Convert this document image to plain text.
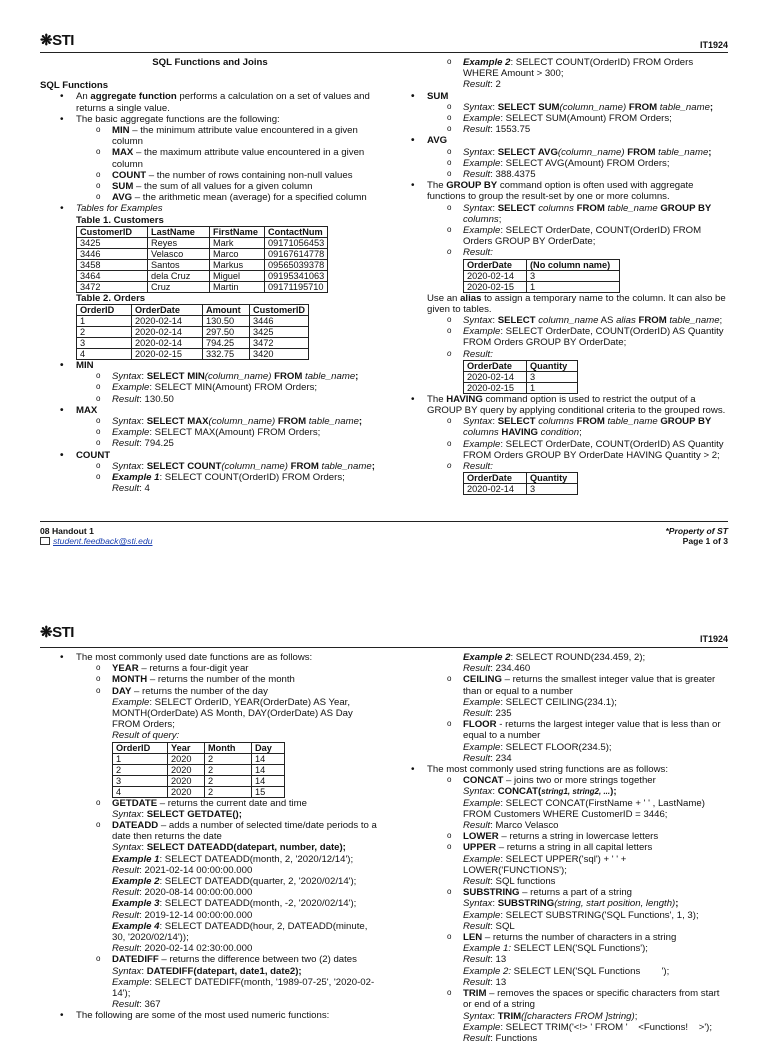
❋STI	IT1924
SQL Functions and Joins
SQL Functions
• An aggregate function performs a calculation on a set of values and returns a single value.
• The basic aggregate functions are the following:
o MIN – the minimum attribute value encountered in a given column
o MAX – the maximum attribute value encountered in a given column
o COUNT – the number of rows containing non-null values
o SUM – the sum of all values for a given column
o AVG – the arithmetic mean (average) for a specified column
• Tables for Examples
Table 1. Customers
CustomerID	LastName	FirstName	ContactNum
3425	Reyes	Mark	09171056453
3446	Velasco	Marco	09167614778
3458	Santos	Markus	09565039378
3464	dela Cruz	Miguel	09195341063
3472	Cruz	Martin	09171195710
Table 2. Orders
OrderID	OrderDate	Amount	CustomerID
1	2020-02-14	130.50	3446
2	2020-02-14	297.50	3425
3	2020-02-14	794.25	3472
4	2020-02-15	332.75	3420
• MIN
o Syntax: SELECT MIN(column_name) FROM table_name;
o Example: SELECT MIN(Amount) FROM Orders;
o Result: 130.50
• MAX
o Syntax: SELECT MAX(column_name) FROM table_name;
o Example: SELECT MAX(Amount) FROM Orders;
o Result: 794.25
• COUNT
o Syntax: SELECT COUNT(column_name) FROM table_name;
o Example 1: SELECT COUNT(OrderID) FROM Orders;
Result: 4
o Example 2: SELECT COUNT(OrderID) FROM Orders WHERE Amount > 300;
Result: 2
• SUM
o Syntax: SELECT SUM(column_name) FROM table_name;
o Example: SELECT SUM(Amount) FROM Orders;
o Result: 1553.75
• AVG
o Syntax: SELECT AVG(column_name) FROM table_name;
o Example: SELECT AVG(Amount) FROM Orders;
o Result: 388.4375
• The GROUP BY command option is often used with aggregate functions to group the result-set by one or more columns.
o Syntax: SELECT columns FROM table_name GROUP BY columns;
o Example: SELECT OrderDate, COUNT(OrderID) FROM Orders GROUP BY OrderDate;
o Result:
OrderDate	(No column name)
2020-02-14	3
2020-02-15	1
Use an alias to assign a temporary name to the column. It can also be given to tables.
o Syntax: SELECT column_name AS alias FROM table_name;
o Example: SELECT OrderDate, COUNT(OrderID) AS Quantity FROM Orders GROUP BY OrderDate;
o Result:
OrderDate	Quantity
2020-02-14	3
2020-02-15	1
• The HAVING command option is used to restrict the output of a GROUP BY query by applying conditional criteria to the grouped rows.
o Syntax: SELECT columns FROM table_name GROUP BY columns HAVING condition;
o Example: SELECT OrderDate, COUNT(OrderID) AS Quantity FROM Orders GROUP BY OrderDate HAVING Quantity > 2;
o Result:
OrderDate	Quantity
2020-02-14	3
08 Handout 1
student.feedback@sti.edu
*Property of ST
Page 1 of 3
❋STI	IT1924
• The most commonly used date functions are as follows:
o YEAR – returns a four-digit year
o MONTH – returns the number of the month
o DAY – returns the number of the day
Example: SELECT OrderID, YEAR(OrderDate) AS Year, MONTH(OrderDate) AS Month, DAY(OrderDate) AS Day FROM Orders;
Result of query:
OrderID	Year	Month	Day
1	2020	2	14
2	2020	2	14
3	2020	2	14
4	2020	2	15
o GETDATE – returns the current date and time
Syntax: SELECT GETDATE();
o DATEADD – adds a number of selected time/date periods to a date then returns the date
Syntax: SELECT DATEADD(datepart, number, date);
Example 1: SELECT DATEADD(month, 2, '2020/12/14');
Result: 2021-02-14 00:00:00.000
Example 2: SELECT DATEADD(quarter, 2, '2020/02/14');
Result: 2020-08-14 00:00:00.000
Example 3: SELECT DATEADD(month, -2, '2020/02/14');
Result: 2019-12-14 00:00:00.000
Example 4: SELECT DATEADD(hour, 2, DATEADD(minute, 30, '2020/02/14'));
Result: 2020-02-14 02:30:00.000
o DATEDIFF – returns the difference between two (2) dates
Syntax: DATEDIFF(datepart, date1, date2);
Example: SELECT DATEDIFF(month, '1989-07-25', '2020-02-14');
Result: 367
• The following are some of the most used numeric functions:
Example 2: SELECT ROUND(234.459, 2);
Result: 234.460
o CEILING – returns the smallest integer value that is greater than or equal to a number
Example: SELECT CEILING(234.1);
Result: 235
o FLOOR - returns the largest integer value that is less than or equal to a number
Example: SELECT FLOOR(234.5);
Result: 234
• The most commonly used string functions are as follows:
o CONCAT – joins two or more strings together
Syntax: CONCAT(string1, string2, ...);
Example: SELECT CONCAT(FirstName + ' ' , LastName) FROM Customers WHERE CustomerID = 3446;
Result: Marco Velasco
o LOWER – returns a string in lowercase letters
o UPPER – returns a string in all capital letters
Example: SELECT UPPER('sql') + ' ' + LOWER('FUNCTIONS');
Result: SQL functions
o SUBSTRING – returns a part of a string
Syntax: SUBSTRING(string, start position, length);
Example: SELECT SUBSTRING('SQL Functions', 1, 3);
Result: SQL
o LEN – returns the number of characters in a string
Example 1: SELECT LEN('SQL Functions');
Result: 13
Example 2: SELECT LEN('SQL Functions        ');
Result: 13
o TRIM – removes the spaces or specific characters from start or end of a string
Syntax: TRIM([characters FROM ]string);
Example: SELECT TRIM('<!> ' FROM '    <Functions!    >');
Result: Functions
